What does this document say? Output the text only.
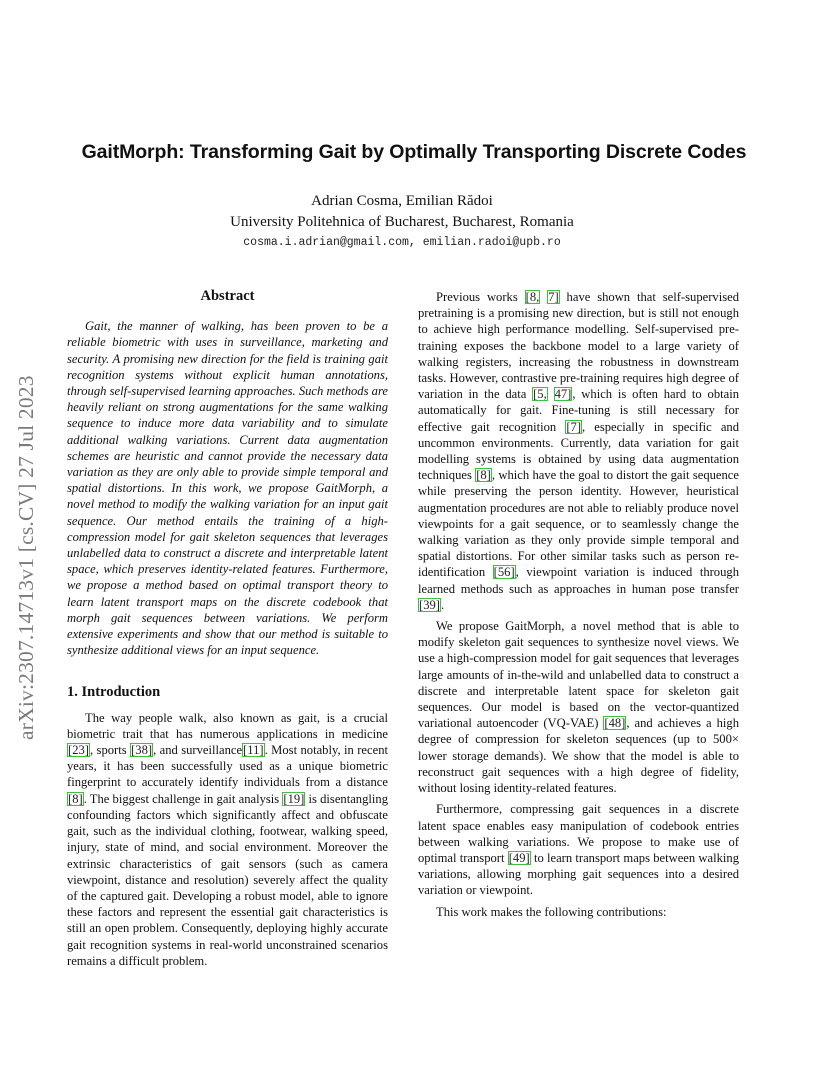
arXiv:2307.14713v1 [cs.CV] 27 Jul 2023
GaitMorph: Transforming Gait by Optimally Transporting Discrete Codes
Adrian Cosma, Emilian Rădoi
University Politehnica of Bucharest, Bucharest, Romania
cosma.i.adrian@gmail.com, emilian.radoi@upb.ro
Abstract

Gait, the manner of walking, has been proven to be a reliable biometric with uses in surveillance, marketing and security. A promising new direction for the field is training gait recognition systems without explicit human annotations, through self-supervised learning approaches. Such methods are heavily reliant on strong augmentations for the same walking sequence to induce more data variability and to simulate additional walking variations. Current data augmentation schemes are heuristic and cannot provide the necessary data variation as they are only able to provide simple temporal and spatial distortions. In this work, we propose GaitMorph, a novel method to modify the walking variation for an input gait sequence. Our method entails the training of a high-compression model for gait skeleton sequences that leverages unlabelled data to construct a discrete and interpretable latent space, which preserves identity-related features. Furthermore, we propose a method based on optimal transport theory to learn latent transport maps on the discrete codebook that morph gait sequences between variations. We perform extensive experiments and show that our method is suitable to synthesize additional views for an input sequence.

1. Introduction

The way people walk, also known as gait, is a crucial biometric trait that has numerous applications in medicine [23], sports [38], and surveillance[11]. Most notably, in recent years, it has been successfully used as a unique biometric fingerprint to accurately identify individuals from a distance [8]. The biggest challenge in gait analysis [19] is disentangling confounding factors which significantly affect and obfuscate gait, such as the individual clothing, footwear, walking speed, injury, state of mind, and social environment. Moreover the extrinsic characteristics of gait sensors (such as camera viewpoint, distance and resolution) severely affect the quality of the captured gait. Developing a robust model, able to ignore these factors and represent the essential gait characteristics is still an open problem. Consequently, deploying highly accurate gait recognition systems in real-world unconstrained scenarios remains a difficult problem.

Previous works [8, 7] have shown that self-supervised pretraining is a promising new direction, but is still not enough to achieve high performance modelling. Self-supervised pre-training exposes the backbone model to a large variety of walking registers, increasing the robustness in downstream tasks. However, contrastive pre-training requires high degree of variation in the data [5, 47], which is often hard to obtain automatically for gait. Fine-tuning is still necessary for effective gait recognition [7], especially in specific and uncommon environments. Currently, data variation for gait modelling systems is obtained by using data augmentation techniques [8], which have the goal to distort the gait sequence while preserving the person identity. However, heuristical augmentation procedures are not able to reliably produce novel viewpoints for a gait sequence, or to seamlessly change the walking variation as they only provide simple temporal and spatial distortions. For other similar tasks such as person re-identification [56], viewpoint variation is induced through learned methods such as approaches in human pose transfer [39].

We propose GaitMorph, a novel method that is able to modify skeleton gait sequences to synthesize novel views. We use a high-compression model for gait sequences that leverages large amounts of in-the-wild and unlabelled data to construct a discrete and interpretable latent space for skeleton gait sequences. Our model is based on the vector-quantized variational autoencoder (VQ-VAE) [48], and achieves a high degree of compression for skeleton sequences (up to 500× lower storage demands). We show that the model is able to reconstruct gait sequences with a high degree of fidelity, without losing identity-related features.

Furthermore, compressing gait sequences in a discrete latent space enables easy manipulation of codebook entries between walking variations. We propose to make use of optimal transport [49] to learn transport maps between walking variations, allowing morphing gait sequences into a desired variation or viewpoint.

This work makes the following contributions:
